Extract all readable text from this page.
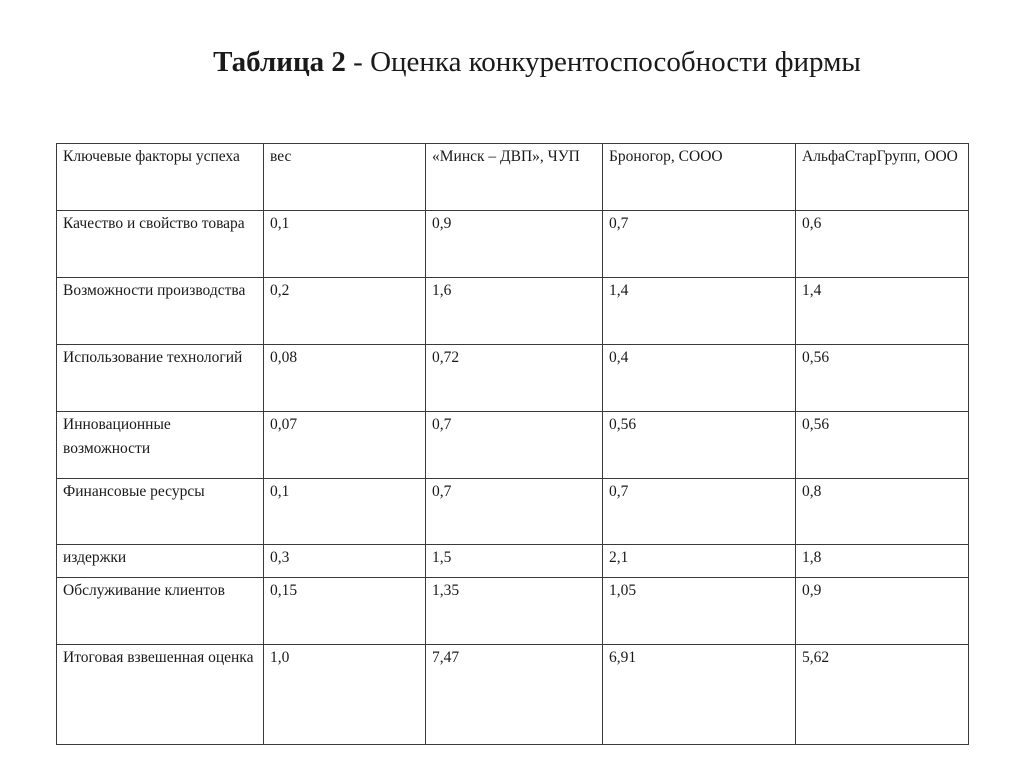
Таблица 2 - Оценка конкурентоспособности фирмы
Ключевые факторы успеха	вес	«Минск – ДВП», ЧУП	Броногор, СООО	АльфаСтарГрупп, ООО
Качество и свойство товара	0,1	0,9	0,7	0,6
Возможности производства	0,2	1,6	1,4	1,4
Использование технологий	0,08	0,72	0,4	0,56
Инновационные возможности	0,07	0,7	0,56	0,56
Финансовые ресурсы	0,1	0,7	0,7	0,8
издержки	0,3	1,5	2,1	1,8
Обслуживание клиентов	0,15	1,35	1,05	0,9
Итоговая взвешенная оценка	1,0	7,47	6,91	5,62
